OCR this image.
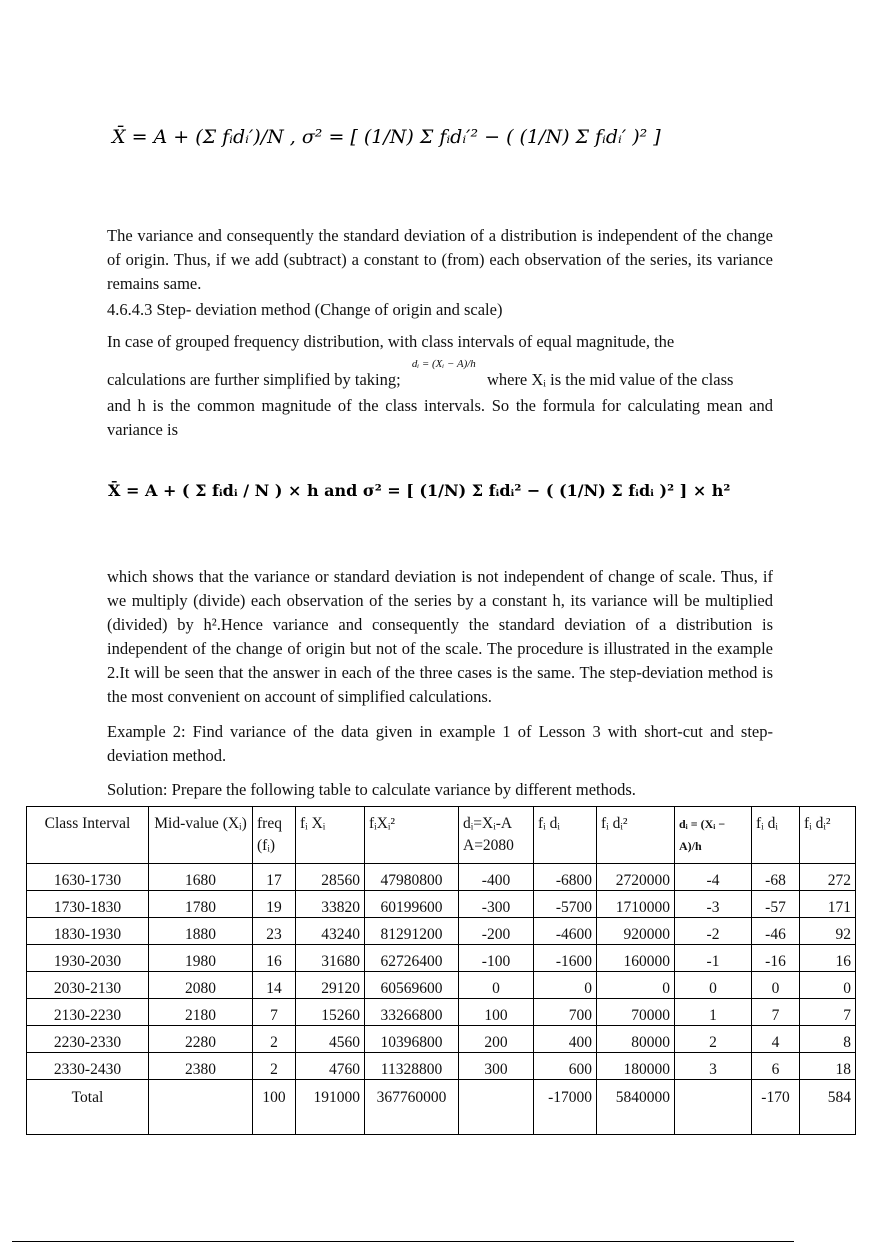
X̄ = A + (Σ fᵢdᵢ′)/N , σ² = [ (1/N) Σ fᵢdᵢ′² − ( (1/N) Σ fᵢdᵢ′ )² ]
The variance and consequently the standard deviation of a distribution is independent of the change of origin. Thus, if we add (subtract) a constant to (from) each observation of the series, its variance remains same.
4.6.4.3 Step- deviation method (Change of origin and scale)
In case of grouped frequency distribution, with class intervals of equal magnitude, the
calculations are further simplified by taking; dᵢ = (Xᵢ − A)/h where Xᵢ is the mid value of the class
and h is the common magnitude of the class intervals. So the formula for calculating mean and variance is
X̄ = A + ( Σ fᵢdᵢ / N ) × h and σ² = [ (1/N) Σ fᵢdᵢ² − ( (1/N) Σ fᵢdᵢ )² ] × h²
which shows that the variance or standard deviation is not independent of change of scale. Thus, if we multiply (divide) each observation of the series by a constant h, its variance will be multiplied (divided) by h².Hence variance and consequently the standard deviation of a distribution is independent of the change of origin but not of the scale. The procedure is illustrated in the example 2.It will be seen that the answer in each of the three cases is the same. The step-deviation method is the most convenient on account of simplified calculations.
Example 2: Find variance of the data given in example 1 of Lesson 3 with short-cut and step-deviation method.
Solution: Prepare the following table to calculate variance by different methods.
Class Interval	Mid-value (Xᵢ)	freq (fᵢ)	fᵢ Xᵢ	fᵢXᵢ²	dᵢ=Xᵢ-A A=2080	fᵢ dᵢ	fᵢ dᵢ²	dᵢ = (Xᵢ − A)/h	fᵢ dᵢ	fᵢ dᵢ²
1630-1730	1680	17	28560	47980800	-400	-6800	2720000	-4	-68	272
1730-1830	1780	19	33820	60199600	-300	-5700	1710000	-3	-57	171
1830-1930	1880	23	43240	81291200	-200	-4600	920000	-2	-46	92
1930-2030	1980	16	31680	62726400	-100	-1600	160000	-1	-16	16
2030-2130	2080	14	29120	60569600	0	0	0	0	0	0
2130-2230	2180	7	15260	33266800	100	700	70000	1	7	7
2230-2330	2280	2	4560	10396800	200	400	80000	2	4	8
2330-2430	2380	2	4760	11328800	300	600	180000	3	6	18
Total		100	191000	367760000		-17000	5840000		-170	584
